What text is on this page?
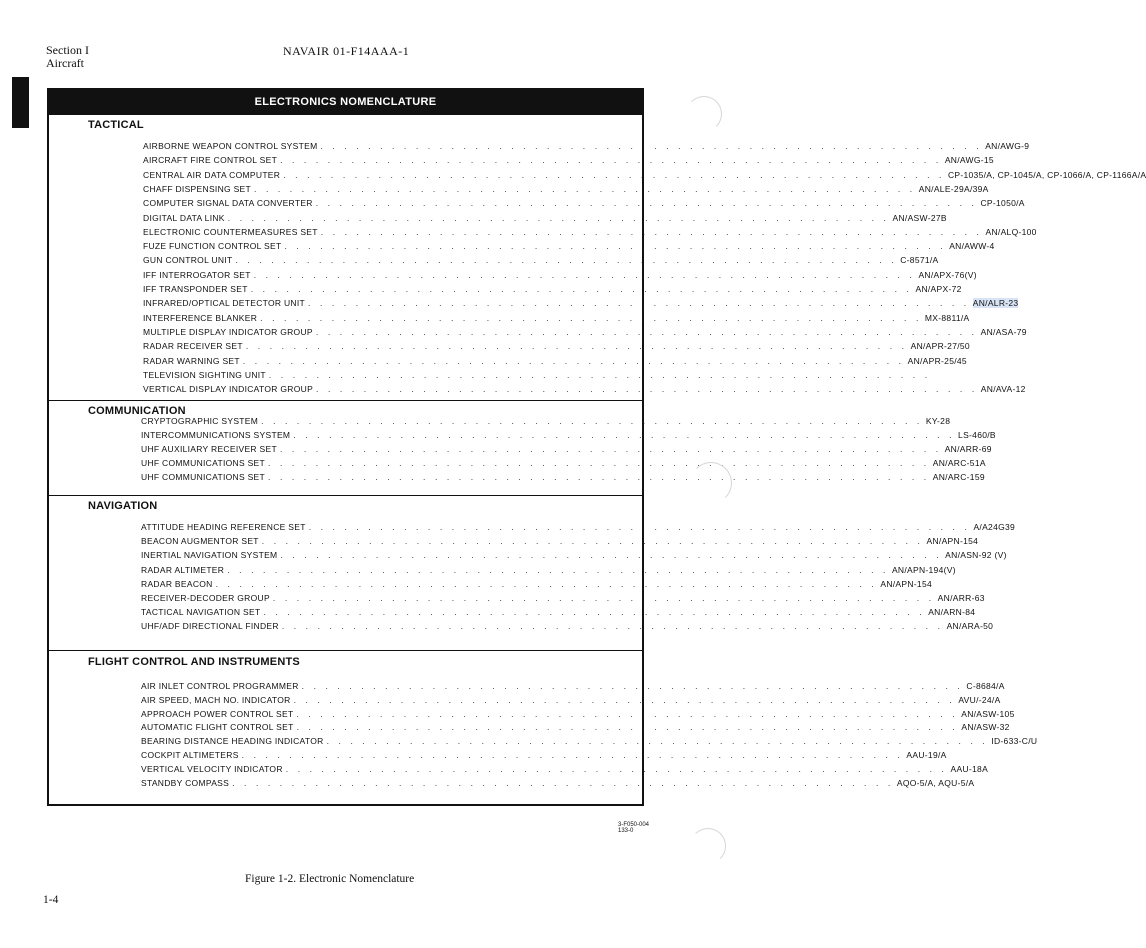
Section I
Aircraft
NAVAIR 01-F14AAA-1
ELECTRONICS NOMENCLATURE
TACTICAL
AIRBORNE WEAPON CONTROL SYSTEM . . . . . . . . . . . . . . . . . . . . . . . . . . . . . . . . . . . . . . . . . . . . . . . . . . . . . . . . AN/AWG-9
AIRCRAFT FIRE CONTROL SET . . . . . . . . . . . . . . . . . . . . . . . . . . . . . . . . . . . . . . . . . . . . . . . . . . . . . . . . AN/AWG-15
CENTRAL AIR DATA COMPUTER . . . . . . . . . . . . . . . . . . . . . . . . . . . . . . . . . . . . . . . . . . . . . . . . . . . . . . . . CP-1035/A, CP-1045/A, CP-1066/A, CP-1166A/A
CHAFF DISPENSING SET . . . . . . . . . . . . . . . . . . . . . . . . . . . . . . . . . . . . . . . . . . . . . . . . . . . . . . . . AN/ALE-29A/39A
COMPUTER SIGNAL DATA CONVERTER . . . . . . . . . . . . . . . . . . . . . . . . . . . . . . . . . . . . . . . . . . . . . . . . . . . . . . . . CP-1050/A
DIGITAL DATA LINK . . . . . . . . . . . . . . . . . . . . . . . . . . . . . . . . . . . . . . . . . . . . . . . . . . . . . . . . AN/ASW-27B
ELECTRONIC COUNTERMEASURES SET . . . . . . . . . . . . . . . . . . . . . . . . . . . . . . . . . . . . . . . . . . . . . . . . . . . . . . . . AN/ALQ-100
FUZE FUNCTION CONTROL SET . . . . . . . . . . . . . . . . . . . . . . . . . . . . . . . . . . . . . . . . . . . . . . . . . . . . . . . . AN/AWW-4
GUN CONTROL UNIT . . . . . . . . . . . . . . . . . . . . . . . . . . . . . . . . . . . . . . . . . . . . . . . . . . . . . . . . C-8571/A
IFF INTERROGATOR SET . . . . . . . . . . . . . . . . . . . . . . . . . . . . . . . . . . . . . . . . . . . . . . . . . . . . . . . . AN/APX-76(V)
IFF TRANSPONDER SET . . . . . . . . . . . . . . . . . . . . . . . . . . . . . . . . . . . . . . . . . . . . . . . . . . . . . . . . AN/APX-72
INFRARED/OPTICAL DETECTOR UNIT . . . . . . . . . . . . . . . . . . . . . . . . . . . . . . . . . . . . . . . . . . . . . . . . . . . . . . . . AN/ALR-23
INTERFERENCE BLANKER . . . . . . . . . . . . . . . . . . . . . . . . . . . . . . . . . . . . . . . . . . . . . . . . . . . . . . . . MX-8811/A
MULTIPLE DISPLAY INDICATOR GROUP . . . . . . . . . . . . . . . . . . . . . . . . . . . . . . . . . . . . . . . . . . . . . . . . . . . . . . . . AN/ASA-79
RADAR RECEIVER SET . . . . . . . . . . . . . . . . . . . . . . . . . . . . . . . . . . . . . . . . . . . . . . . . . . . . . . . . AN/APR-27/50
RADAR WARNING SET . . . . . . . . . . . . . . . . . . . . . . . . . . . . . . . . . . . . . . . . . . . . . . . . . . . . . . . . AN/APR-25/45
TELEVISION SIGHTING UNIT . . . . . . . . . . . . . . . . . . . . . . . . . . . . . . . . . . . . . . . . . . . . . . . . . . . . . . . .
VERTICAL DISPLAY INDICATOR GROUP . . . . . . . . . . . . . . . . . . . . . . . . . . . . . . . . . . . . . . . . . . . . . . . . . . . . . . . . AN/AVA-12
COMMUNICATION
CRYPTOGRAPHIC SYSTEM . . . . . . . . . . . . . . . . . . . . . . . . . . . . . . . . . . . . . . . . . . . . . . . . . . . . . . . . KY-28
INTERCOMMUNICATIONS SYSTEM . . . . . . . . . . . . . . . . . . . . . . . . . . . . . . . . . . . . . . . . . . . . . . . . . . . . . . . . LS-460/B
UHF AUXILIARY RECEIVER SET . . . . . . . . . . . . . . . . . . . . . . . . . . . . . . . . . . . . . . . . . . . . . . . . . . . . . . . . AN/ARR-69
UHF COMMUNICATIONS SET . . . . . . . . . . . . . . . . . . . . . . . . . . . . . . . . . . . . . . . . . . . . . . . . . . . . . . . . AN/ARC-51A
UHF COMMUNICATIONS SET . . . . . . . . . . . . . . . . . . . . . . . . . . . . . . . . . . . . . . . . . . . . . . . . . . . . . . . . AN/ARC-159
NAVIGATION
ATTITUDE HEADING REFERENCE SET . . . . . . . . . . . . . . . . . . . . . . . . . . . . . . . . . . . . . . . . . . . . . . . . . . . . . . . . A/A24G39
BEACON AUGMENTOR SET . . . . . . . . . . . . . . . . . . . . . . . . . . . . . . . . . . . . . . . . . . . . . . . . . . . . . . . . AN/APN-154
INERTIAL NAVIGATION SYSTEM . . . . . . . . . . . . . . . . . . . . . . . . . . . . . . . . . . . . . . . . . . . . . . . . . . . . . . . . AN/ASN-92 (V)
RADAR ALTIMETER . . . . . . . . . . . . . . . . . . . . . . . . . . . . . . . . . . . . . . . . . . . . . . . . . . . . . . . . AN/APN-194(V)
RADAR BEACON . . . . . . . . . . . . . . . . . . . . . . . . . . . . . . . . . . . . . . . . . . . . . . . . . . . . . . . . AN/APN-154
RECEIVER-DECODER GROUP . . . . . . . . . . . . . . . . . . . . . . . . . . . . . . . . . . . . . . . . . . . . . . . . . . . . . . . . AN/ARR-63
TACTICAL NAVIGATION SET . . . . . . . . . . . . . . . . . . . . . . . . . . . . . . . . . . . . . . . . . . . . . . . . . . . . . . . . AN/ARN-84
UHF/ADF DIRECTIONAL FINDER . . . . . . . . . . . . . . . . . . . . . . . . . . . . . . . . . . . . . . . . . . . . . . . . . . . . . . . . AN/ARA-50
FLIGHT CONTROL AND INSTRUMENTS
AIR INLET CONTROL PROGRAMMER . . . . . . . . . . . . . . . . . . . . . . . . . . . . . . . . . . . . . . . . . . . . . . . . . . . . . . . . C-8684/A
AIR SPEED, MACH NO. INDICATOR . . . . . . . . . . . . . . . . . . . . . . . . . . . . . . . . . . . . . . . . . . . . . . . . . . . . . . . . AVU/-24/A
APPROACH POWER CONTROL SET . . . . . . . . . . . . . . . . . . . . . . . . . . . . . . . . . . . . . . . . . . . . . . . . . . . . . . . . AN/ASW-105
AUTOMATIC FLIGHT CONTROL SET . . . . . . . . . . . . . . . . . . . . . . . . . . . . . . . . . . . . . . . . . . . . . . . . . . . . . . . . AN/ASW-32
BEARING DISTANCE HEADING INDICATOR . . . . . . . . . . . . . . . . . . . . . . . . . . . . . . . . . . . . . . . . . . . . . . . . . . . . . . . . ID-633-C/U
COCKPIT ALTIMETERS . . . . . . . . . . . . . . . . . . . . . . . . . . . . . . . . . . . . . . . . . . . . . . . . . . . . . . . . AAU-19/A
VERTICAL VELOCITY INDICATOR . . . . . . . . . . . . . . . . . . . . . . . . . . . . . . . . . . . . . . . . . . . . . . . . . . . . . . . . AAU-18A
STANDBY COMPASS . . . . . . . . . . . . . . . . . . . . . . . . . . . . . . . . . . . . . . . . . . . . . . . . . . . . . . . . AQO-5/A, AQU-5/A
3-F050-004
133-0
Figure 1-2. Electronic Nomenclature
1-4
